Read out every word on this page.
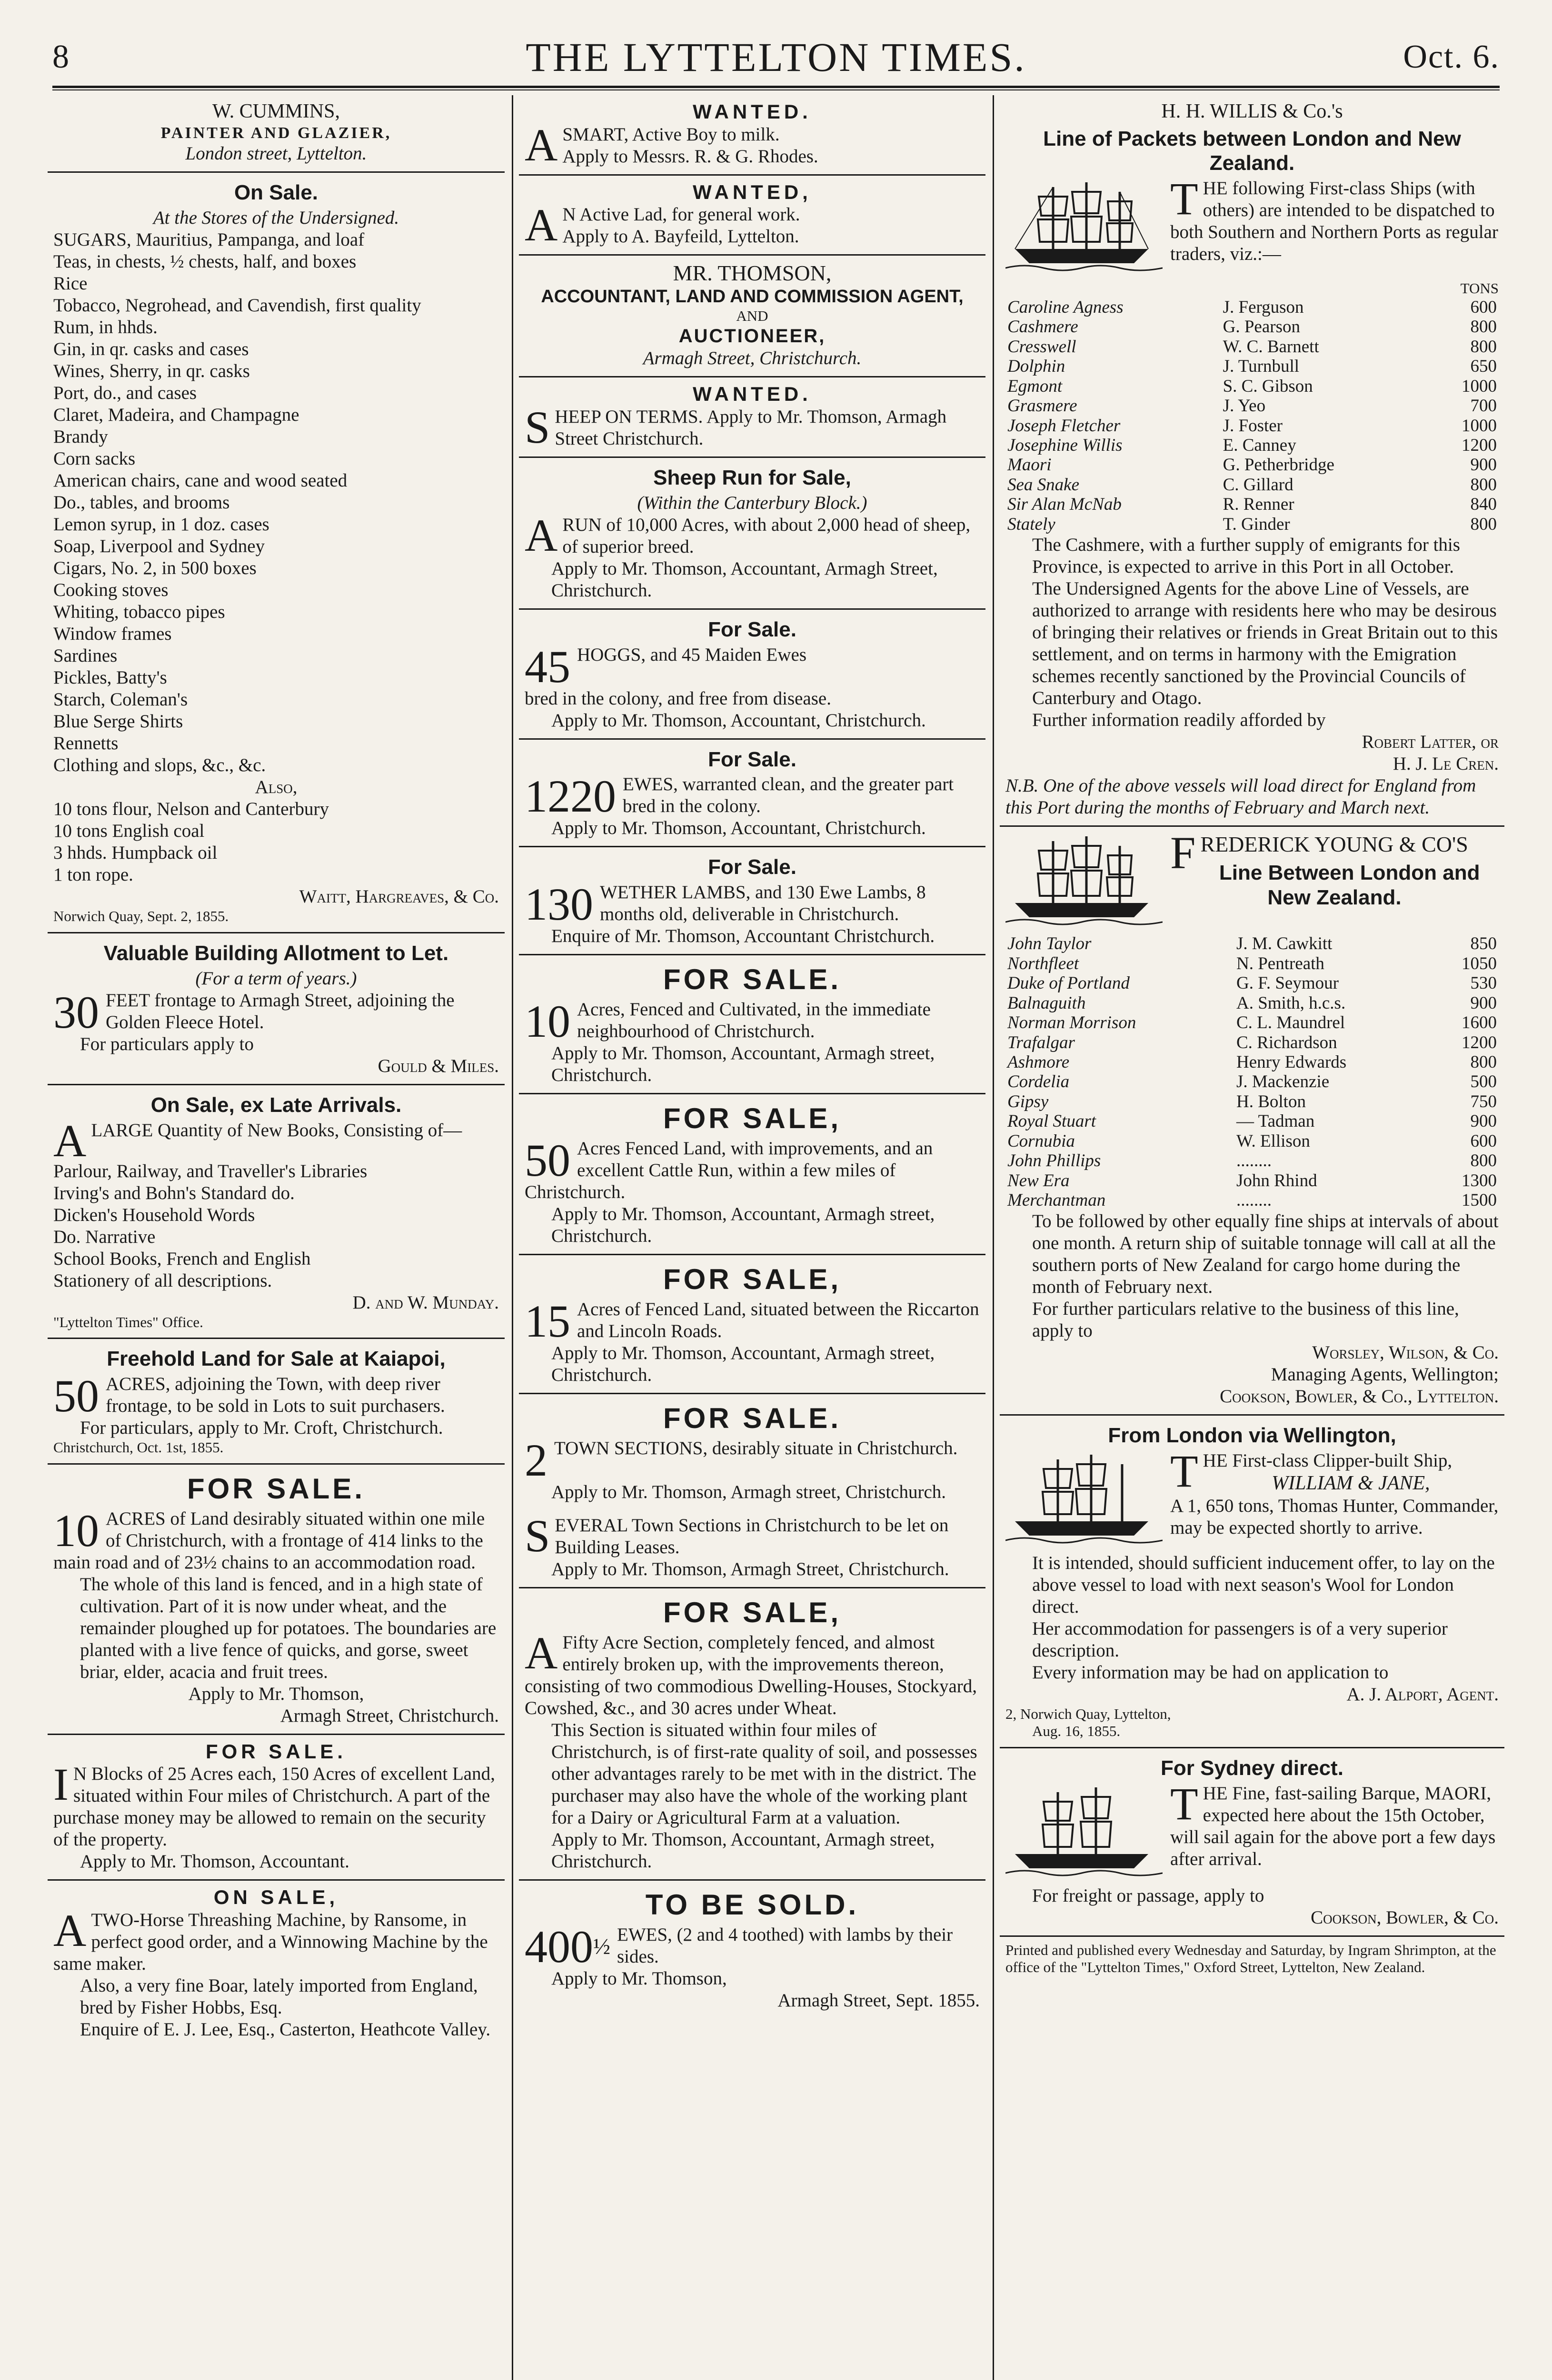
8	THE LYTTELTON TIMES.	Oct. 6.
W. CUMMINS,
PAINTER AND GLAZIER,
London street, Lyttelton.
On Sale.
At the Stores of the Undersigned.
SUGARS, Mauritius, Pampanga, and loaf
Teas, in chests, ½ chests, half, and boxes
Rice
Tobacco, Negrohead, and Cavendish, first quality
Rum, in hhds.
Gin, in qr. casks and cases
Wines, Sherry, in qr. casks
Port, do., and cases
Claret, Madeira, and Champagne
Brandy
Corn sacks
American chairs, cane and wood seated
Do., tables, and brooms
Lemon syrup, in 1 doz. cases
Soap, Liverpool and Sydney
Cigars, No. 2, in 500 boxes
Cooking stoves
Whiting, tobacco pipes
Window frames
Sardines
Pickles, Batty's
Starch, Coleman's
Blue Serge Shirts
Rennetts
Clothing and slops, &c., &c.
Also,
10 tons flour, Nelson and Canterbury
10 tons English coal
3 hhds. Humpback oil
1 ton rope.
Waitt, Hargreaves, & Co.
Norwich Quay, Sept. 2, 1855.
Valuable Building Allotment to Let.
(For a term of years.)

30 FEET frontage to Armagh Street, adjoining the Golden Fleece Hotel.

For particulars apply to

Gould & Miles.
On Sale, ex Late Arrivals.

ALARGE Quantity of New Books, Consisting of—

Parlour, Railway, and Traveller's Libraries
Irving's and Bohn's Standard do.
Dicken's Household Words
Do. Narrative
School Books, French and English
Stationery of all descriptions.
D. and W. Munday.
"Lyttelton Times" Office.
Freehold Land for Sale at Kaiapoi,

50 ACRES, adjoining the Town, with deep river frontage, to be sold in Lots to suit purchasers.

For particulars, apply to Mr. Croft, Christchurch.

Christchurch, Oct. 1st, 1855.
FOR SALE.

10 ACRES of Land desirably situated within one mile of Christchurch, with a frontage of 414 links to the main road and of 23½ chains to an accommodation road.

The whole of this land is fenced, and in a high state of cultivation. Part of it is now under wheat, and the remainder ploughed up for potatoes. The boundaries are planted with a live fence of quicks, and gorse, sweet briar, elder, acacia and fruit trees.

Apply to Mr. Thomson,
Armagh Street, Christchurch.
FOR SALE.

I N Blocks of 25 Acres each, 150 Acres of excellent Land, situated within Four miles of Christchurch. A part of the purchase money may be allowed to remain on the security of the property.

Apply to Mr. Thomson, Accountant.

ON SALE,

ATWO-Horse Threashing Machine, by Ransome, in perfect good order, and a Winnowing Machine by the same maker.

Also, a very fine Boar, lately imported from England, bred by Fisher Hobbs, Esq.

Enquire of E. J. Lee, Esq., Casterton, Heathcote Valley.

WANTED.

ASMART, Active Boy to milk.
Apply to Messrs. R. & G. Rhodes.

WANTED,

A N Active Lad, for general work.
Apply to A. Bayfeild, Lyttelton.

MR. THOMSON,
ACCOUNTANT, LAND AND COMMISSION AGENT,
AND
AUCTIONEER,
Armagh Street, Christchurch.
WANTED.

SHEEP ON TERMS. Apply to Mr. Thomson, Armagh Street Christchurch.

Sheep Run for Sale,
(Within the Canterbury Block.)

ARUN of 10,000 Acres, with about 2,000 head of sheep, of superior breed.

Apply to Mr. Thomson, Accountant, Armagh Street, Christchurch.

For Sale.

45 HOGGS, and 45 Maiden Ewes

bred in the colony, and free from disease.

Apply to Mr. Thomson, Accountant, Christchurch.

For Sale.

1220 EWES, warranted clean, and the greater part bred in the colony.

Apply to Mr. Thomson, Accountant, Christchurch.

For Sale.

130 WETHER LAMBS, and 130 Ewe Lambs, 8 months old, deliverable in Christchurch.

Enquire of Mr. Thomson, Accountant Christchurch.

FOR SALE.

10 Acres, Fenced and Cultivated, in the immediate neighbourhood of Christchurch.

Apply to Mr. Thomson, Accountant, Armagh street, Christchurch.

FOR SALE,

50 Acres Fenced Land, with improvements, and an excellent Cattle Run, within a few miles of Christchurch.

Apply to Mr. Thomson, Accountant, Armagh street, Christchurch.

FOR SALE,

15 Acres of Fenced Land, situated between the Riccarton and Lincoln Roads.

Apply to Mr. Thomson, Accountant, Armagh street, Christchurch.

FOR SALE.

2 TOWN SECTIONS, desirably situate in Christchurch.

Apply to Mr. Thomson, Armagh street, Christchurch.

SEVERAL Town Sections in Christchurch to be let on Building Leases.

Apply to Mr. Thomson, Armagh Street, Christchurch.

FOR SALE,

A Fifty Acre Section, completely fenced, and almost entirely broken up, with the improvements thereon, consisting of two commodious Dwelling-Houses, Stockyard, Cowshed, &c., and 30 acres under Wheat.

This Section is situated within four miles of Christchurch, is of first-rate quality of soil, and possesses other advantages rarely to be met with in the district. The purchaser may also have the whole of the working plant for a Dairy or Agricultural Farm at a valuation.

Apply to Mr. Thomson, Accountant, Armagh street, Christchurch.

TO BE SOLD.

$400^{\frac{1}{2}}$ EWES, (2 and 4 toothed) with lambs by their sides.

Apply to Mr. Thomson,

Armagh Street, Sept. 1855.
H. H. WILLIS & Co.'s
Line of Packets between London and New Zealand.

THE following First-class Ships (with others) are intended to be dispatched to both Southern and Northern Ports as regular traders, viz.:—

TONS
Caroline Agness	J. Ferguson	600
Cashmere	G. Pearson	800
Cresswell	W. C. Barnett	800
Dolphin	J. Turnbull	650
Egmont	S. C. Gibson	1000
Grasmere	J. Yeo	700
Joseph Fletcher	J. Foster	1000
Josephine Willis	E. Canney	1200
Maori	G. Petherbridge	900
Sea Snake	C. Gillard	800
Sir Alan McNab	R. Renner	840
Stately	T. Ginder	800

The Cashmere, with a further supply of emigrants for this Province, is expected to arrive in this Port in all October.

The Undersigned Agents for the above Line of Vessels, are authorized to arrange with residents here who may be desirous of bringing their relatives or friends in Great Britain out to this settlement, and on terms in harmony with the Emigration schemes recently sanctioned by the Provincial Councils of Canterbury and Otago.

Further information readily afforded by

Robert Latter, or
H. J. Le Cren.

N.B. One of the above vessels will load direct for England from this Port during the months of February and March next.

FREDERICK YOUNG & CO'S

Line Between London and New Zealand.
John Taylor	J. M. Cawkitt	850
Northfleet	N. Pentreath	1050
Duke of Portland	G. F. Seymour	530
Balnaguith	A. Smith, h.c.s.	900
Norman Morrison	C. L. Maundrel	1600
Trafalgar	C. Richardson	1200
Ashmore	Henry Edwards	800
Cordelia	J. Mackenzie	500
Gipsy	H. Bolton	750
Royal Stuart	— Tadman	900
Cornubia	W. Ellison	600
John Phillips	........	800
New Era	John Rhind	1300
Merchantman	........	1500

To be followed by other equally fine ships at intervals of about one month. A return ship of suitable tonnage will call at all the southern ports of New Zealand for cargo home during the month of February next.

For further particulars relative to the business of this line, apply to

Worsley, Wilson, & Co.
Managing Agents, Wellington;
Cookson, Bowler, & Co., Lyttelton.
From London via Wellington,

THE First-class Clipper-built Ship,

WILLIAM & JANE,

A 1, 650 tons, Thomas Hunter, Commander, may be expected shortly to arrive.

It is intended, should sufficient inducement offer, to lay on the above vessel to load with next season's Wool for London direct.

Her accommodation for passengers is of a very superior description.

Every information may be had on application to

A. J. Alport, Agent.
2, Norwich Quay, Lyttelton,
Aug. 16, 1855.
For Sydney direct.

THE Fine, fast-sailing Barque, MAORI, expected here about the 15th October, will sail again for the above port a few days after arrival.

For freight or passage, apply to

Cookson, Bowler, & Co.
Printed and published every Wednesday and Saturday, by Ingram Shrimpton, at the office of the "Lyttelton Times," Oxford Street, Lyttelton, New Zealand.
